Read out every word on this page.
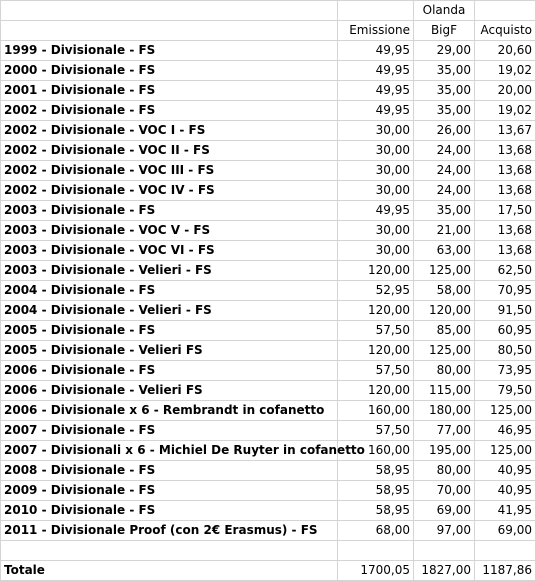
		Olanda	
	Emissione	BigF	Acquisto
1999 - Divisionale - FS	49,95	29,00	20,60
2000 - Divisionale - FS	49,95	35,00	19,02
2001 - Divisionale - FS	49,95	35,00	20,00
2002 - Divisionale - FS	49,95	35,00	19,02
2002 - Divisionale - VOC I - FS	30,00	26,00	13,67
2002 - Divisionale - VOC II - FS	30,00	24,00	13,68
2002 - Divisionale - VOC III - FS	30,00	24,00	13,68
2002 - Divisionale - VOC IV - FS	30,00	24,00	13,68
2003 - Divisionale - FS	49,95	35,00	17,50
2003 - Divisionale - VOC V - FS	30,00	21,00	13,68
2003 - Divisionale - VOC VI - FS	30,00	63,00	13,68
2003 - Divisionale - Velieri - FS	120,00	125,00	62,50
2004 - Divisionale - FS	52,95	58,00	70,95
2004 - Divisionale - Velieri - FS	120,00	120,00	91,50
2005 - Divisionale - FS	57,50	85,00	60,95
2005 - Divisionale - Velieri FS	120,00	125,00	80,50
2006 - Divisionale - FS	57,50	80,00	73,95
2006 - Divisionale - Velieri FS	120,00	115,00	79,50
2006 - Divisionale x 6 - Rembrandt in cofanetto	160,00	180,00	125,00
2007 - Divisionale - FS	57,50	77,00	46,95
2007 - Divisionali x 6 - Michiel De Ruyter in cofanetto	160,00	195,00	125,00
2008 - Divisionale - FS	58,95	80,00	40,95
2009 - Divisionale - FS	58,95	70,00	40,95
2010 - Divisionale - FS	58,95	69,00	41,95
2011 - Divisionale Proof (con 2€ Erasmus) - FS	68,00	97,00	69,00

Totale	1700,05	1827,00	1187,86
